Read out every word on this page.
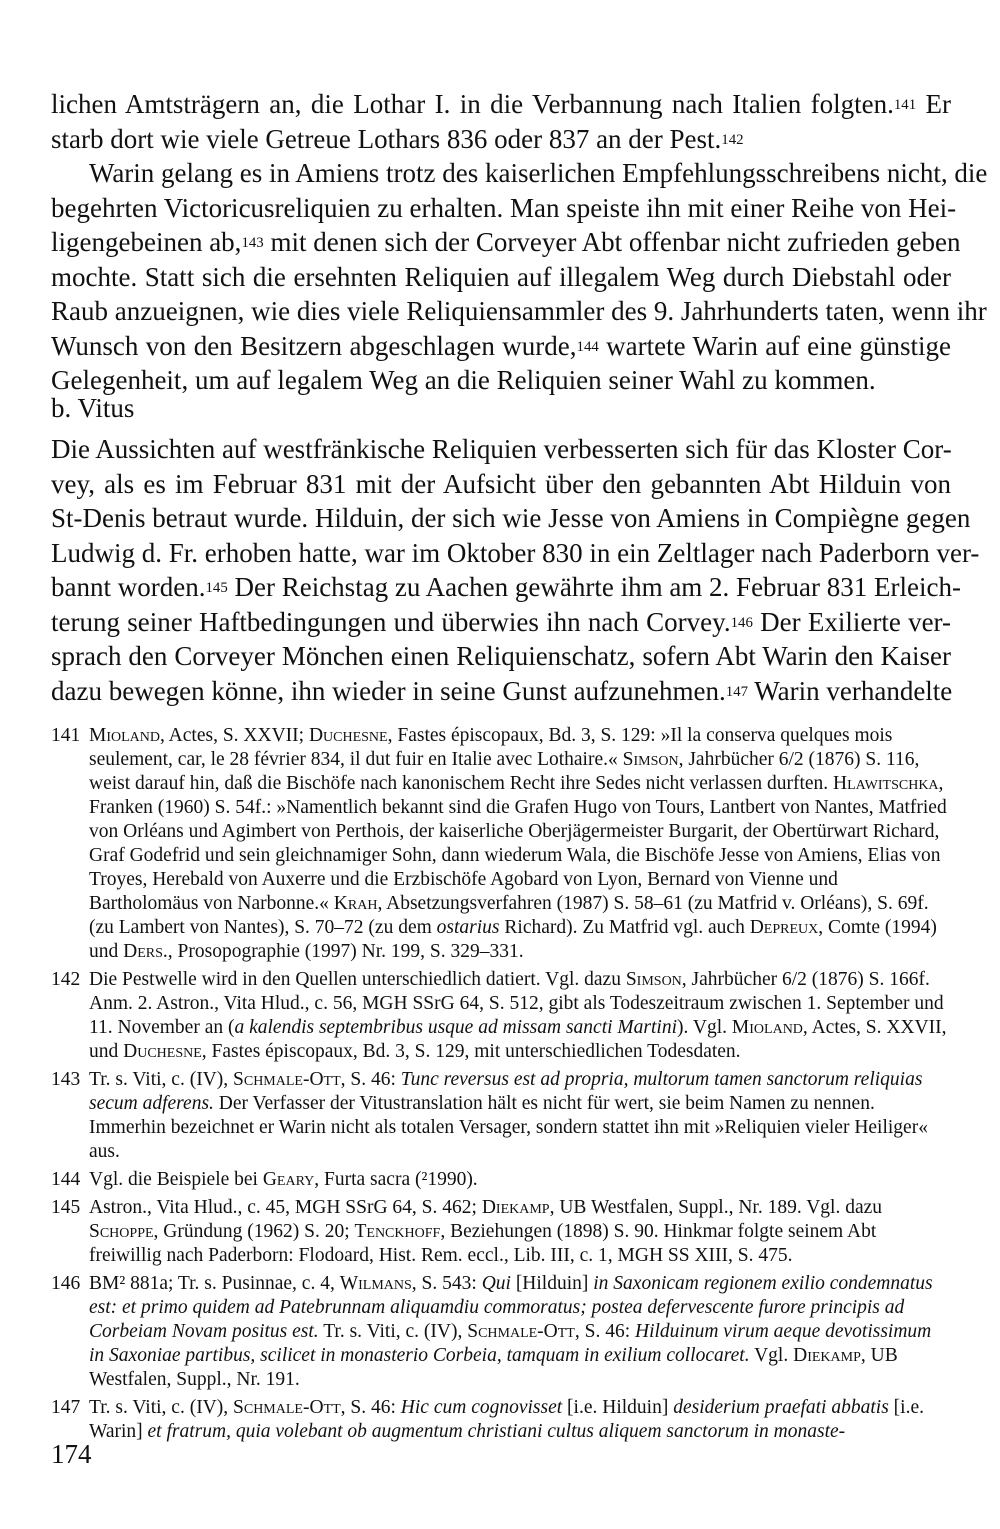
lichen Amtsträgern an, die Lothar I. in die Verbannung nach Italien folgten.$^{141}$ Er
starb dort wie viele Getreue Lothars 836 oder 837 an der Pest.$^{142}$
Warin gelang es in Amiens trotz des kaiserlichen Empfehlungsschreibens nicht, die
begehrten Victoricusreliquien zu erhalten. Man speiste ihn mit einer Reihe von Hei-
ligengebeinen ab,$^{143}$ mit denen sich der Corveyer Abt offenbar nicht zufrieden geben
mochte. Statt sich die ersehnten Reliquien auf illegalem Weg durch Diebstahl oder
Raub anzueignen, wie dies viele Reliquiensammler des 9. Jahrhunderts taten, wenn ihr
Wunsch von den Besitzern abgeschlagen wurde,$^{144}$ wartete Warin auf eine günstige
Gelegenheit, um auf legalem Weg an die Reliquien seiner Wahl zu kommen.
b. Vitus
Die Aussichten auf westfränkische Reliquien verbesserten sich für das Kloster Cor-
vey, als es im Februar 831 mit der Aufsicht über den gebannten Abt Hilduin von
St-Denis betraut wurde. Hilduin, der sich wie Jesse von Amiens in Compiègne gegen
Ludwig d. Fr. erhoben hatte, war im Oktober 830 in ein Zeltlager nach Paderborn ver-
bannt worden.$^{145}$ Der Reichstag zu Aachen gewährte ihm am 2. Februar 831 Erleich-
terung seiner Haftbedingungen und überwies ihn nach Corvey.$^{146}$ Der Exilierte ver-
sprach den Corveyer Mönchen einen Reliquienschatz, sofern Abt Warin den Kaiser
dazu bewegen könne, ihn wieder in seine Gunst aufzunehmen.$^{147}$ Warin verhandelte
141 Mioland, Actes, S. XXVII; Duchesne, Fastes épiscopaux, Bd. 3, S. 129: »Il la conserva quelques mois seulement, car, le 28 février 834, il dut fuir en Italie avec Lothaire.« Simson, Jahrbücher 6/2 (1876) S. 116, weist darauf hin, daß die Bischöfe nach kanonischem Recht ihre Sedes nicht verlassen durften. Hlawitschka, Franken (1960) S. 54f.: »Namentlich bekannt sind die Grafen Hugo von Tours, Lantbert von Nantes, Matfried von Orléans und Agimbert von Perthois, der kaiserliche Oberjägermeister Burgarit, der Obertürwart Richard, Graf Godefrid und sein gleichnamiger Sohn, dann wiederum Wala, die Bischöfe Jesse von Amiens, Elias von Troyes, Herebald von Auxerre und die Erzbischöfe Agobard von Lyon, Bernard von Vienne und Bartholomäus von Narbonne.« Krah, Absetzungsverfahren (1987) S. 58–61 (zu Matfrid v. Orléans), S. 69f. (zu Lambert von Nantes), S. 70–72 (zu dem ostarius Richard). Zu Matfrid vgl. auch Depreux, Comte (1994) und Ders., Prosopographie (1997) Nr. 199, S. 329–331.
142 Die Pestwelle wird in den Quellen unterschiedlich datiert. Vgl. dazu Simson, Jahrbücher 6/2 (1876) S. 166f. Anm. 2. Astron., Vita Hlud., c. 56, MGH SSrG 64, S. 512, gibt als Todeszeitraum zwischen 1. September und 11. November an (a kalendis septembribus usque ad missam sancti Martini). Vgl. Mioland, Actes, S. XXVII, und Duchesne, Fastes épiscopaux, Bd. 3, S. 129, mit unterschiedlichen Todesdaten.
143 Tr. s. Viti, c. (IV), Schmale-Ott, S. 46: Tunc reversus est ad propria, multorum tamen sanctorum reliquias secum adferens. Der Verfasser der Vitustranslation hält es nicht für wert, sie beim Namen zu nennen. Immerhin bezeichnet er Warin nicht als totalen Versager, sondern stattet ihn mit »Reliquien vieler Heiliger« aus.
144 Vgl. die Beispiele bei Geary, Furta sacra (²1990).
145 Astron., Vita Hlud., c. 45, MGH SSrG 64, S. 462; Diekamp, UB Westfalen, Suppl., Nr. 189. Vgl. dazu Schoppe, Gründung (1962) S. 20; Tenckhoff, Beziehungen (1898) S. 90. Hinkmar folgte seinem Abt freiwillig nach Paderborn: Flodoard, Hist. Rem. eccl., Lib. III, c. 1, MGH SS XIII, S. 475.
146 BM² 881a; Tr. s. Pusinnae, c. 4, Wilmans, S. 543: Qui [Hilduin] in Saxonicam regionem exilio condemnatus est: et primo quidem ad Patebrunnam aliquamdiu commoratus; postea defervescente furore principis ad Corbeiam Novam positus est. Tr. s. Viti, c. (IV), Schmale-Ott, S. 46: Hilduinum virum aeque devotissimum in Saxoniae partibus, scilicet in monasterio Corbeia, tamquam in exilium collocaret. Vgl. Diekamp, UB Westfalen, Suppl., Nr. 191.
147 Tr. s. Viti, c. (IV), Schmale-Ott, S. 46: Hic cum cognovisset [i.e. Hilduin] desiderium praefati abbatis [i.e. Warin] et fratrum, quia volebant ob augmentum christiani cultus aliquem sanctorum in monaste-
174
